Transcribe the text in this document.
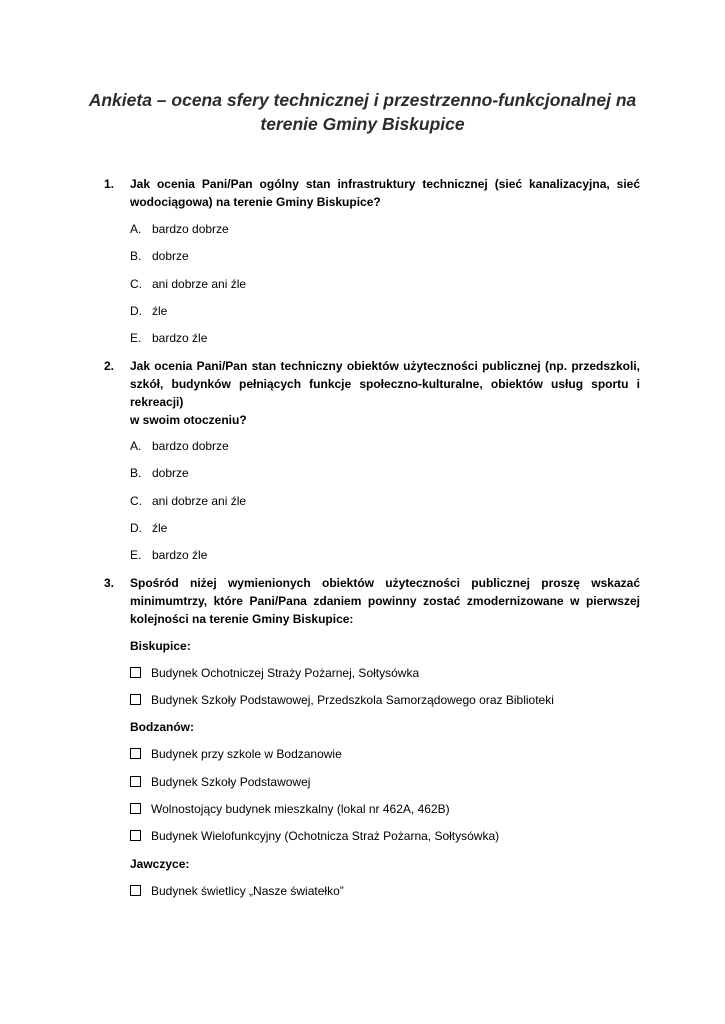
Ankieta – ocena sfery technicznej i przestrzenno-funkcjonalnej na terenie Gminy Biskupice
1. Jak ocenia Pani/Pan ogólny stan infrastruktury technicznej (sieć kanalizacyjna, sieć
wodociągowa) na terenie Gminy Biskupice?
A. bardzo dobrze
B. dobrze
C. ani dobrze ani źle
D. źle
E. bardzo źle
2. Jak ocenia Pani/Pan stan techniczny obiektów użyteczności publicznej (np. przedszkoli,
szkół, budynków pełniących funkcje społeczno-kulturalne, obiektów usług sportu i
rekreacji)
w swoim otoczeniu?
A. bardzo dobrze
B. dobrze
C. ani dobrze ani źle
D. źle
E. bardzo źle
3. Spośród niżej wymienionych obiektów użyteczności publicznej proszę wskazać
minimumtrzy, które Pani/Pana zdaniem powinny zostać zmodernizowane w pierwszej
kolejności na terenie Gminy Biskupice:
Biskupice:
Budynek Ochotniczej Straży Pożarnej, Sołtysówka
Budynek Szkoły Podstawowej, Przedszkola Samorządowego oraz Biblioteki
Bodzanów:
Budynek przy szkole w Bodzanowie
Budynek Szkoły Podstawowej
Wolnostojący budynek mieszkalny (lokal nr 462A, 462B)
Budynek Wielofunkcyjny (Ochotnicza Straż Pożarna, Sołtysówka)
Jawczyce:
Budynek świetlicy „Nasze światełko”
